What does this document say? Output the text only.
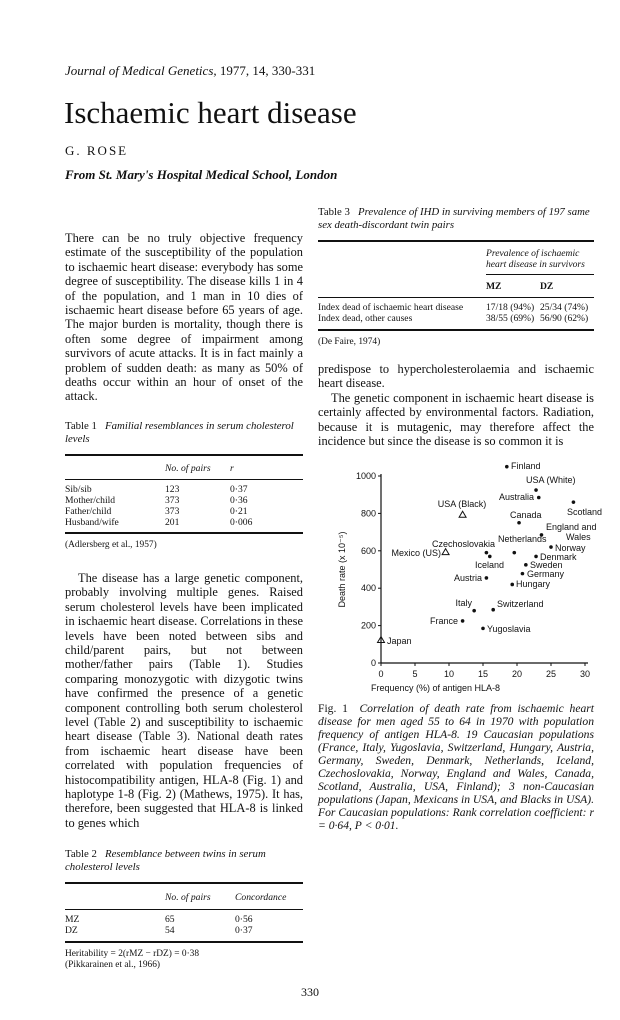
Journal of Medical Genetics, 1977, 14, 330-331
Ischaemic heart disease
G. ROSE
From St. Mary's Hospital Medical School, London

There can be no truly objective frequency estimate of the susceptibility of the population to ischaemic heart disease: everybody has some degree of susceptibility. The disease kills 1 in 4 of the population, and 1 man in 10 dies of ischaemic heart disease before 65 years of age. The major burden is mortality, though there is often some degree of impairment among survivors of acute attacks. It is in fact mainly a problem of sudden death: as many as 50% of deaths occur within an hour of onset of the attack.

Table 1 Familial resemblances in serum cholesterol levels
	No. of pairs	r
Sib/sib	123	0·37
Mother/child	373	0·36
Father/child	373	0·21
Husband/wife	201	0·006

(Adlersberg et al., 1957)

The disease has a large genetic component, probably involving multiple genes. Raised serum cholesterol levels have been implicated in ischaemic heart disease. Correlations in these levels have been noted between sibs and child/parent pairs, but not between mother/father pairs (Table 1). Studies comparing monozygotic with dizygotic twins have confirmed the presence of a genetic component controlling both serum cholesterol level (Table 2) and susceptibility to ischaemic heart disease (Table 3). National death rates from ischaemic heart disease have been correlated with population frequencies of histocompatibility antigen, HLA-8 (Fig. 1) and haplotype 1-8 (Fig. 2) (Mathews, 1975). It has, therefore, been suggested that HLA-8 is linked to genes which

Table 2 Resemblance between twins in serum cholesterol levels
	No. of pairs	Concordance
MZ	65	0·56
DZ	54	0·37

Heritability = 2(rMZ − rDZ) = 0·38
(Pikkarainen et al., 1966)
Table 3 Prevalence of IHD in surviving members of 197 same sex death-discordant twin pairs
	Prevalence of ischaemic heart disease in survivors	
	MZ	DZ
Index dead of ischaemic heart disease	17/18 (94%)	25/34 (74%)
Index dead, other causes	38/55 (69%)	56/90 (62%)

(De Faire, 1974)

predispose to hypercholesterolaemia and ischaemic heart disease.

The genetic component in ischaemic heart disease is certainly affected by environmental factors. Radiation, because it is mutagenic, may therefore affect the incidence but since the disease is so common it is

0	5	10	15	20	25	30
0
200
400
600
800
1000
Frequency (%) of antigen HLA-8
Death rate (x 10⁻⁵)
Finland
USA (White)
Australia
Scotland
USA (Black)
Canada
England and Wales
Norway
Netherlands
Czechoslovakia
Iceland
Denmark
Mexico (US)
Sweden
Germany
Austria
Hungary
Switzerland
Italy
France
Yugoslavia
Japan
Fig. 1 Correlation of death rate from ischaemic heart disease for men aged 55 to 64 in 1970 with population frequency of antigen HLA-8. 19 Caucasian populations (France, Italy, Yugoslavia, Switzerland, Hungary, Austria, Germany, Sweden, Denmark, Netherlands, Iceland, Czechoslovakia, Norway, England and Wales, Canada, Scotland, Australia, USA, Finland); 3 non-Caucasian populations (Japan, Mexicans in USA, and Blacks in USA). For Caucasian populations: Rank correlation coefficient: r = 0·64, P < 0·01.
330
